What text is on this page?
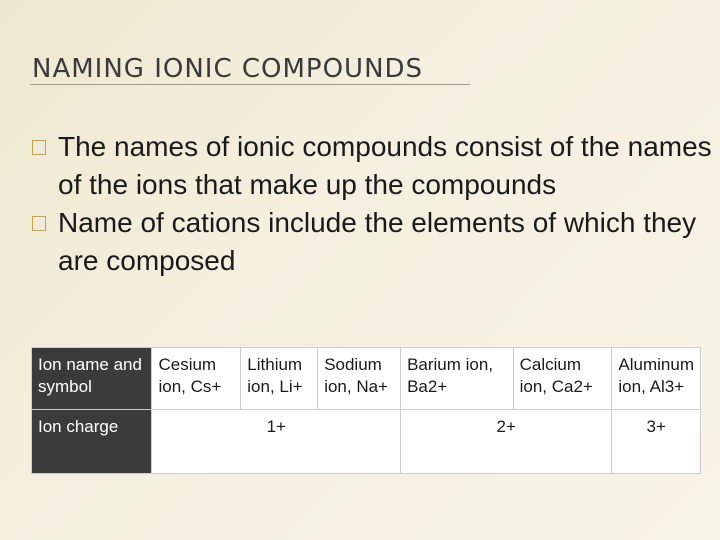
NAMING IONIC COMPOUNDS

The names of ionic compounds consist of the names of the ions that make up the compounds

Name of cations include the elements of which they are composed

Ion name and symbol	Cesium ion, Cs+	Lithium ion, Li+	Sodium ion, Na+	Barium ion, Ba2+	Calcium ion, Ca2+	Aluminum ion, Al3+
Ion charge	1+			2+		3+
